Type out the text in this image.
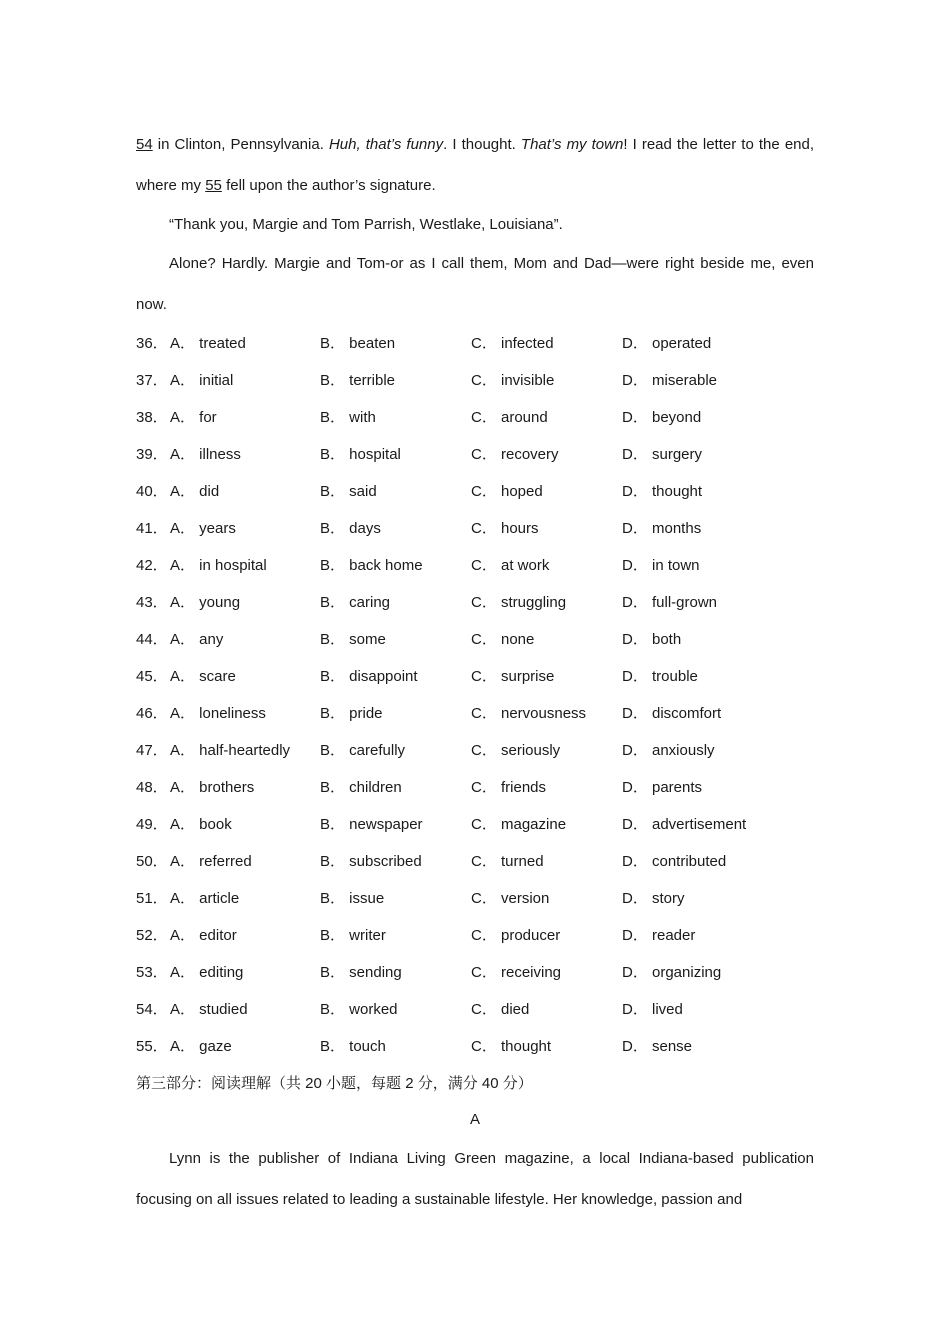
54 in Clinton, Pennsylvania. Huh, that’s funny. I thought. That’s my town! I read the letter to the end, where my 55 fell upon the author’s signature.

“Thank you, Margie and Tom Parrish, Westlake, Louisiana”.

Alone? Hardly. Margie and Tom-or as I call them, Mom and Dad—were right beside me, even now.

36． A． treated	B． beaten	C． infected	D． operated
37． A． initial	B． terrible	C． invisible	D． miserable
38． A． for	B． with	C． around	D． beyond
39． A． illness	B． hospital	C． recovery	D． surgery
40． A． did	B． said	C． hoped	D． thought
41． A． years	B． days	C． hours	D． months
42． A． in hospital	B． back home	C． at work	D． in town
43． A． young	B． caring	C． struggling	D． full-grown
44． A． any	B． some	C． none	D． both
45． A． scare	B． disappoint	C． surprise	D． trouble
46． A． loneliness	B． pride	C． nervousness D． discomfort
47． A． half-heartedly B． carefully	C． seriously	D． anxiously
48． A． brothers	B． children	C． friends	D． parents
49． A． book	B． newspaper	C． magazine	D． advertisement
50． A． referred	B． subscribed	C． turned	D． contributed
51． A． article	B． issue	C． version	D． story
52． A． editor	B． writer	C． producer	D． reader
53． A． editing	B． sending	C． receiving	D． organizing
54． A． studied	B． worked	C． died	D． lived
55． A． gaze	B． touch	C． thought	D． sense
第三部分：阅读理解（共 20 小题，每题 2 分，满分 40 分）
A

Lynn is the publisher of Indiana Living Green magazine, a local Indiana-based publication focusing on all issues related to leading a sustainable lifestyle. Her knowledge, passion and
